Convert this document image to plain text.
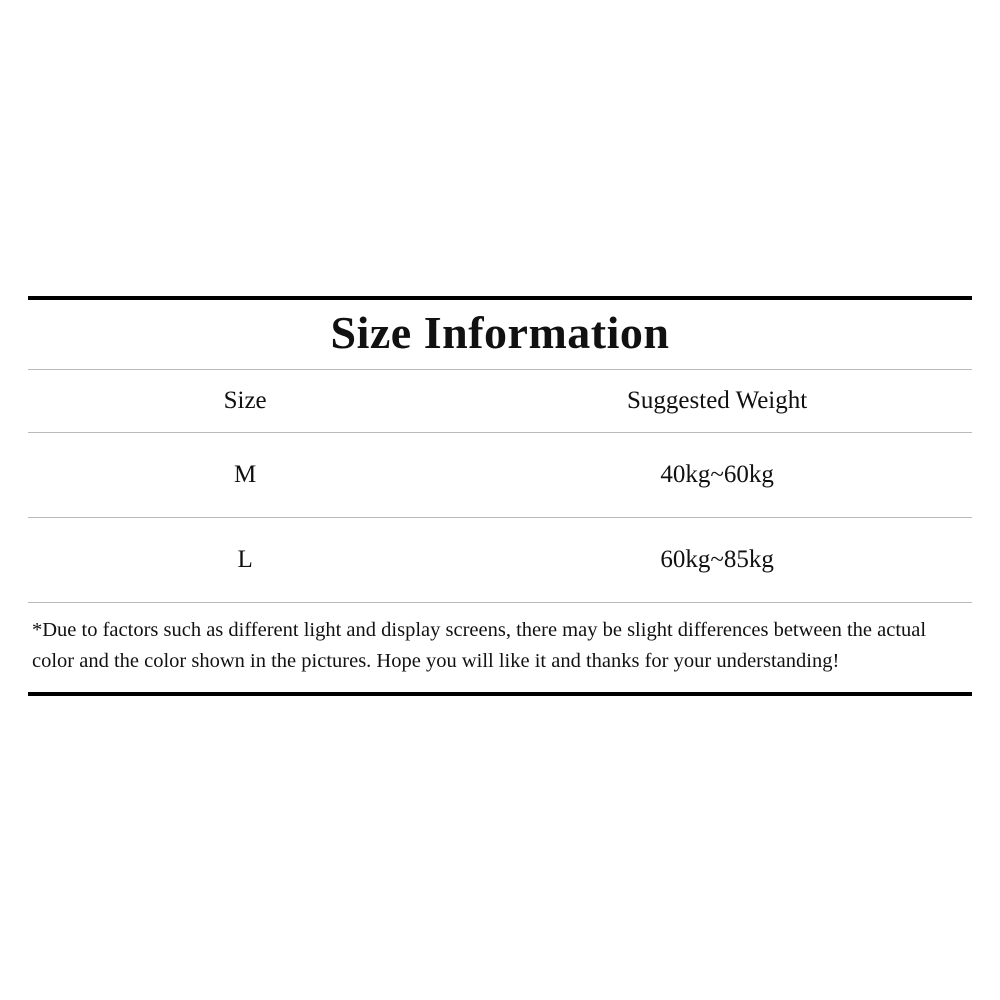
Size Information
Size	Suggested Weight
M	40kg~60kg
L	60kg~85kg
*Due to factors such as different light and display screens, there may be slight differences between the actual color and the color shown in the pictures. Hope you will like it and thanks for your understanding!
